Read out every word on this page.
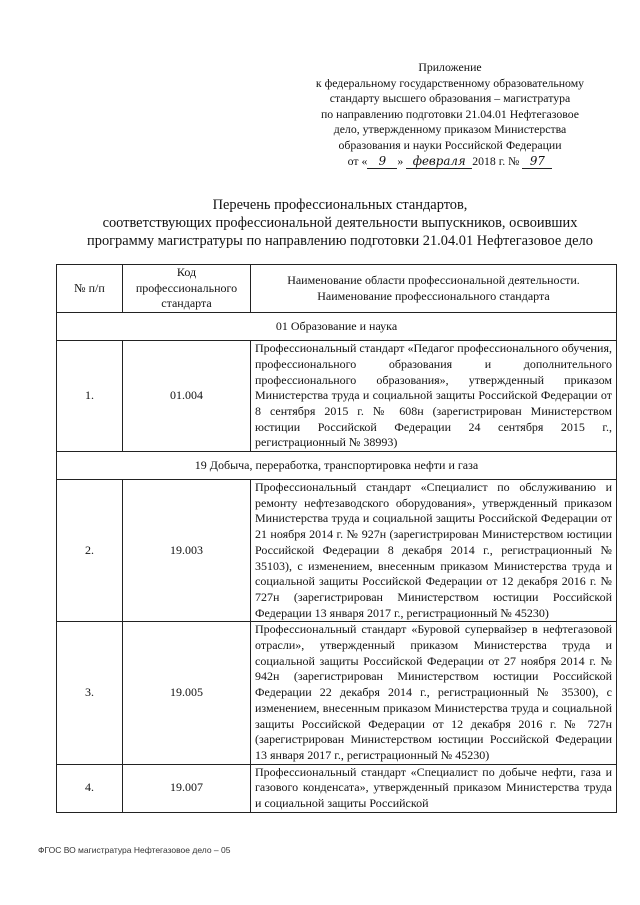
Приложение
к федеральному государственному образовательному
стандарту высшего образования – магистратура
по направлению подготовки 21.04.01 Нефтегазовое
дело, утвержденному приказом Министерства
образования и науки Российской Федерации
от « 9 » февраля 2018 г. № 97
Перечень профессиональных стандартов,
соответствующих профессиональной деятельности выпускников, освоивших
программу магистратуры по направлению подготовки 21.04.01 Нефтегазовое дело
№ п/п	Код профессионального стандарта	Наименование области профессиональной деятельности. Наименование профессионального стандарта
01 Образование и наука		
1.	01.004	Профессиональный стандарт «Педагог профессионального обучения, профессионального образования и дополнительного профессионального образования», утвержденный приказом Министерства труда и социальной защиты Российской Федерации от 8 сентября 2015 г. № 608н (зарегистрирован Министерством юстиции Российской Федерации 24 сентября 2015 г., регистрационный № 38993)
19 Добыча, переработка, транспортировка нефти и газа		
2.	19.003	Профессиональный стандарт «Специалист по обслуживанию и ремонту нефтезаводского оборудования», утвержденный приказом Министерства труда и социальной защиты Российской Федерации от 21 ноября 2014 г. № 927н (зарегистрирован Министерством юстиции Российской Федерации 8 декабря 2014 г., регистрационный № 35103), с изменением, внесенным приказом Министерства труда и социальной защиты Российской Федерации от 12 декабря 2016 г. № 727н (зарегистрирован Министерством юстиции Российской Федерации 13 января 2017 г., регистрационный № 45230)
3.	19.005	Профессиональный стандарт «Буровой супервайзер в нефтегазовой отрасли», утвержденный приказом Министерства труда и социальной защиты Российской Федерации от 27 ноября 2014 г. № 942н (зарегистрирован Министерством юстиции Российской Федерации 22 декабря 2014 г., регистрационный № 35300), с изменением, внесенным приказом Министерства труда и социальной защиты Российской Федерации от 12 декабря 2016 г. № 727н (зарегистрирован Министерством юстиции Российской Федерации 13 января 2017 г., регистрационный № 45230)
4.	19.007	Профессиональный стандарт «Специалист по добыче нефти, газа и газового конденсата», утвержденный приказом Министерства труда и социальной защиты Российской
ФГОС ВО магистратура Нефтегазовое дело – 05
